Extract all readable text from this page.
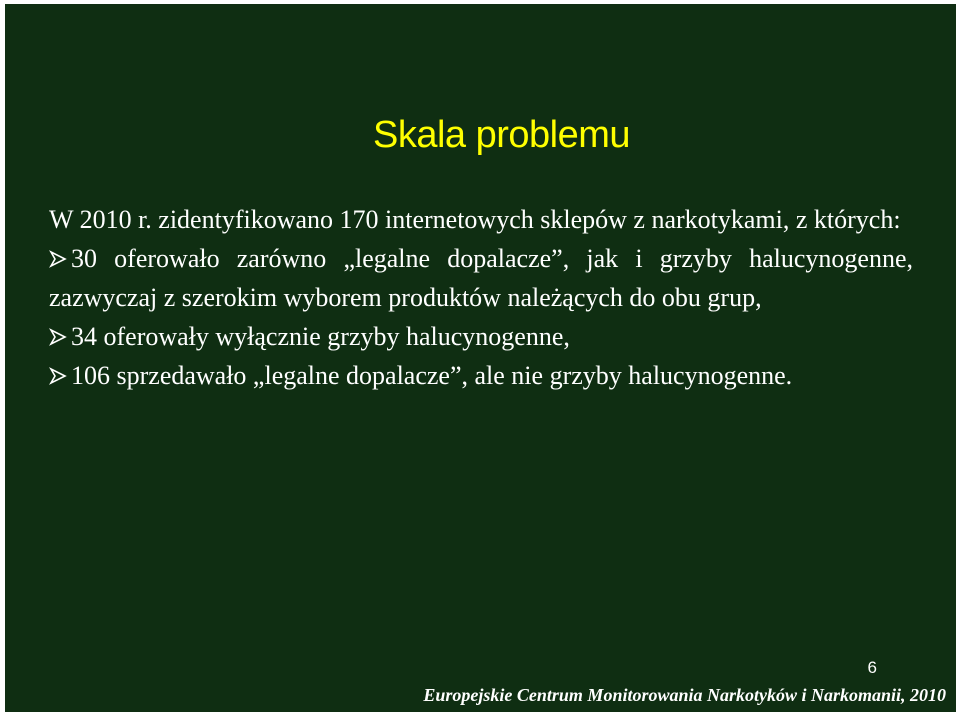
Skala problemu

W 2010 r. zidentyfikowano 170 internetowych sklepów z narkotykami, z których:

30 oferowało zarówno „legalne dopalacze”, jak i grzyby halucynogenne, zazwyczaj z szerokim wyborem produktów należących do obu grup,

34 oferowały wyłącznie grzyby halucynogenne,

106 sprzedawało „legalne dopalacze”, ale nie grzyby halucynogenne.

6
Europejskie Centrum Monitorowania Narkotyków i Narkomanii, 2010
